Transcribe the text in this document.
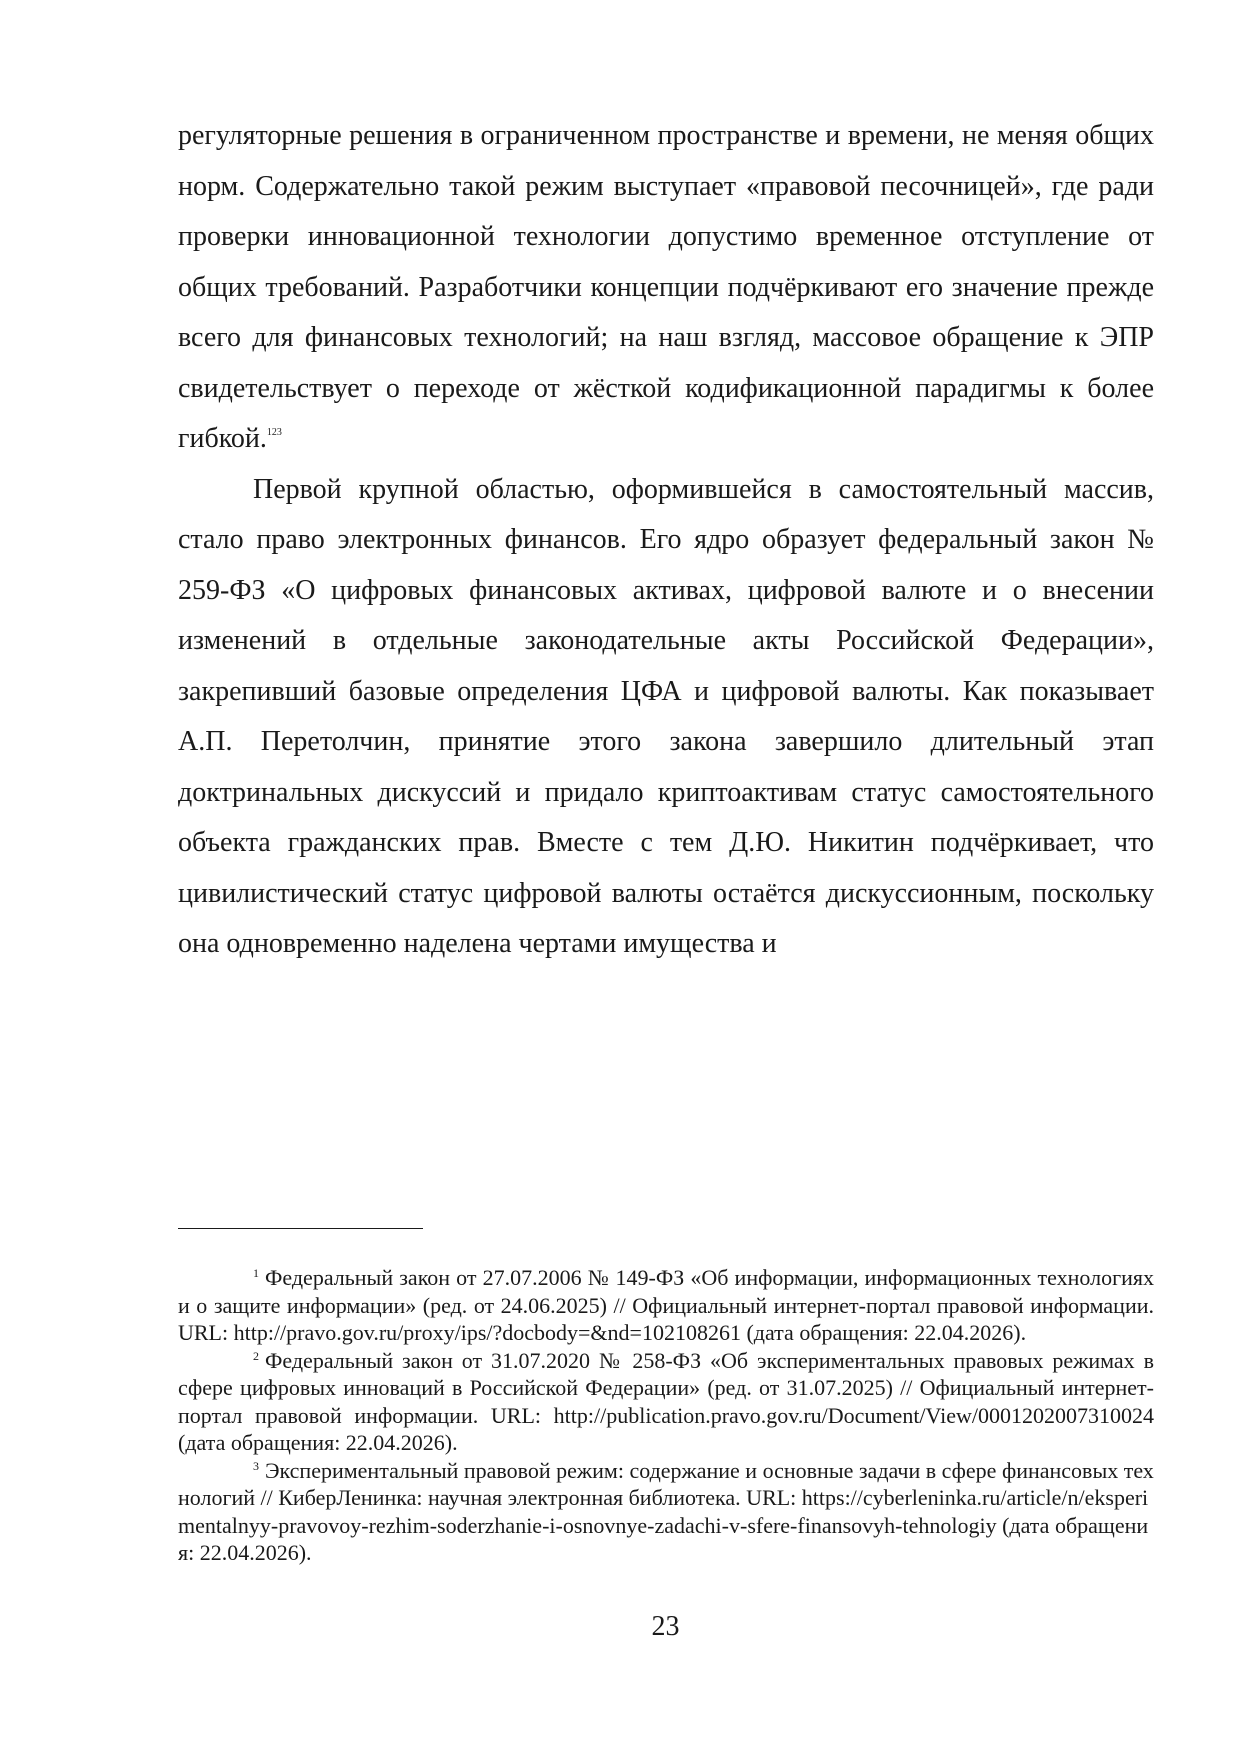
регуляторные решения в ограниченном пространстве и времени, не меняя общих норм. Содержательно такой режим выступает «правовой песочницей», где ради проверки инновационной технологии допустимо временное отступление от общих требований. Разработчики концепции подчёркивают его значение прежде всего для финансовых технологий; на наш взгляд, массовое обращение к ЭПР свидетельствует о переходе от жёсткой кодификационной парадигмы к более гибкой.$^{123}$

Первой крупной областью, оформившейся в самостоятельный массив, стало право электронных финансов. Его ядро образует федеральный закон № 259-ФЗ «О цифровых финансовых активах, цифровой валюте и о внесении изменений в отдельные законодательные акты Российской Федерации», закрепивший базовые определения ЦФА и цифровой валюты. Как показывает А.П. Перетолчин, принятие этого закона завершило длительный этап доктринальных дискуссий и придало криптоактивам статус самостоятельного объекта гражданских прав. Вместе с тем Д.Ю. Никитин подчёркивает, что цивилистический статус цифровой валюты остаётся дискуссионным, поскольку она одновременно наделена чертами имущества и

$^1$ Федеральный закон от 27.07.2006 № 149-ФЗ «Об информации, информационных технологиях и о защите информации» (ред. от 24.06.2025) // Официальный интернет-портал правовой информации. URL: http://pravo.gov.ru/proxy/ips/?docbody=&nd=102108261 (дата обращения: 22.04.2026).

$^2$ Федеральный закон от 31.07.2020 № 258-ФЗ «Об экспериментальных правовых режимах в сфере цифровых инноваций в Российской Федерации» (ред. от 31.07.2025) // Официальный интернет-портал правовой информации. URL: http://publication.pravo.gov.ru/Document/View/0001202007310024 (дата обращения: 22.04.2026).

$^3$ Экспериментальный правовой режим: содержание и основные задачи в сфере финансовых технологий // КиберЛенинка: научная электронная библиотека. URL: https://cyberleninka.ru/article/n/eksperimentalnyy-pravovoy-rezhim-soderzhanie-i-osnovnye-zadachi-v-sfere-finansovyh-tehnologiy (дата обращения: 22.04.2026).

23
